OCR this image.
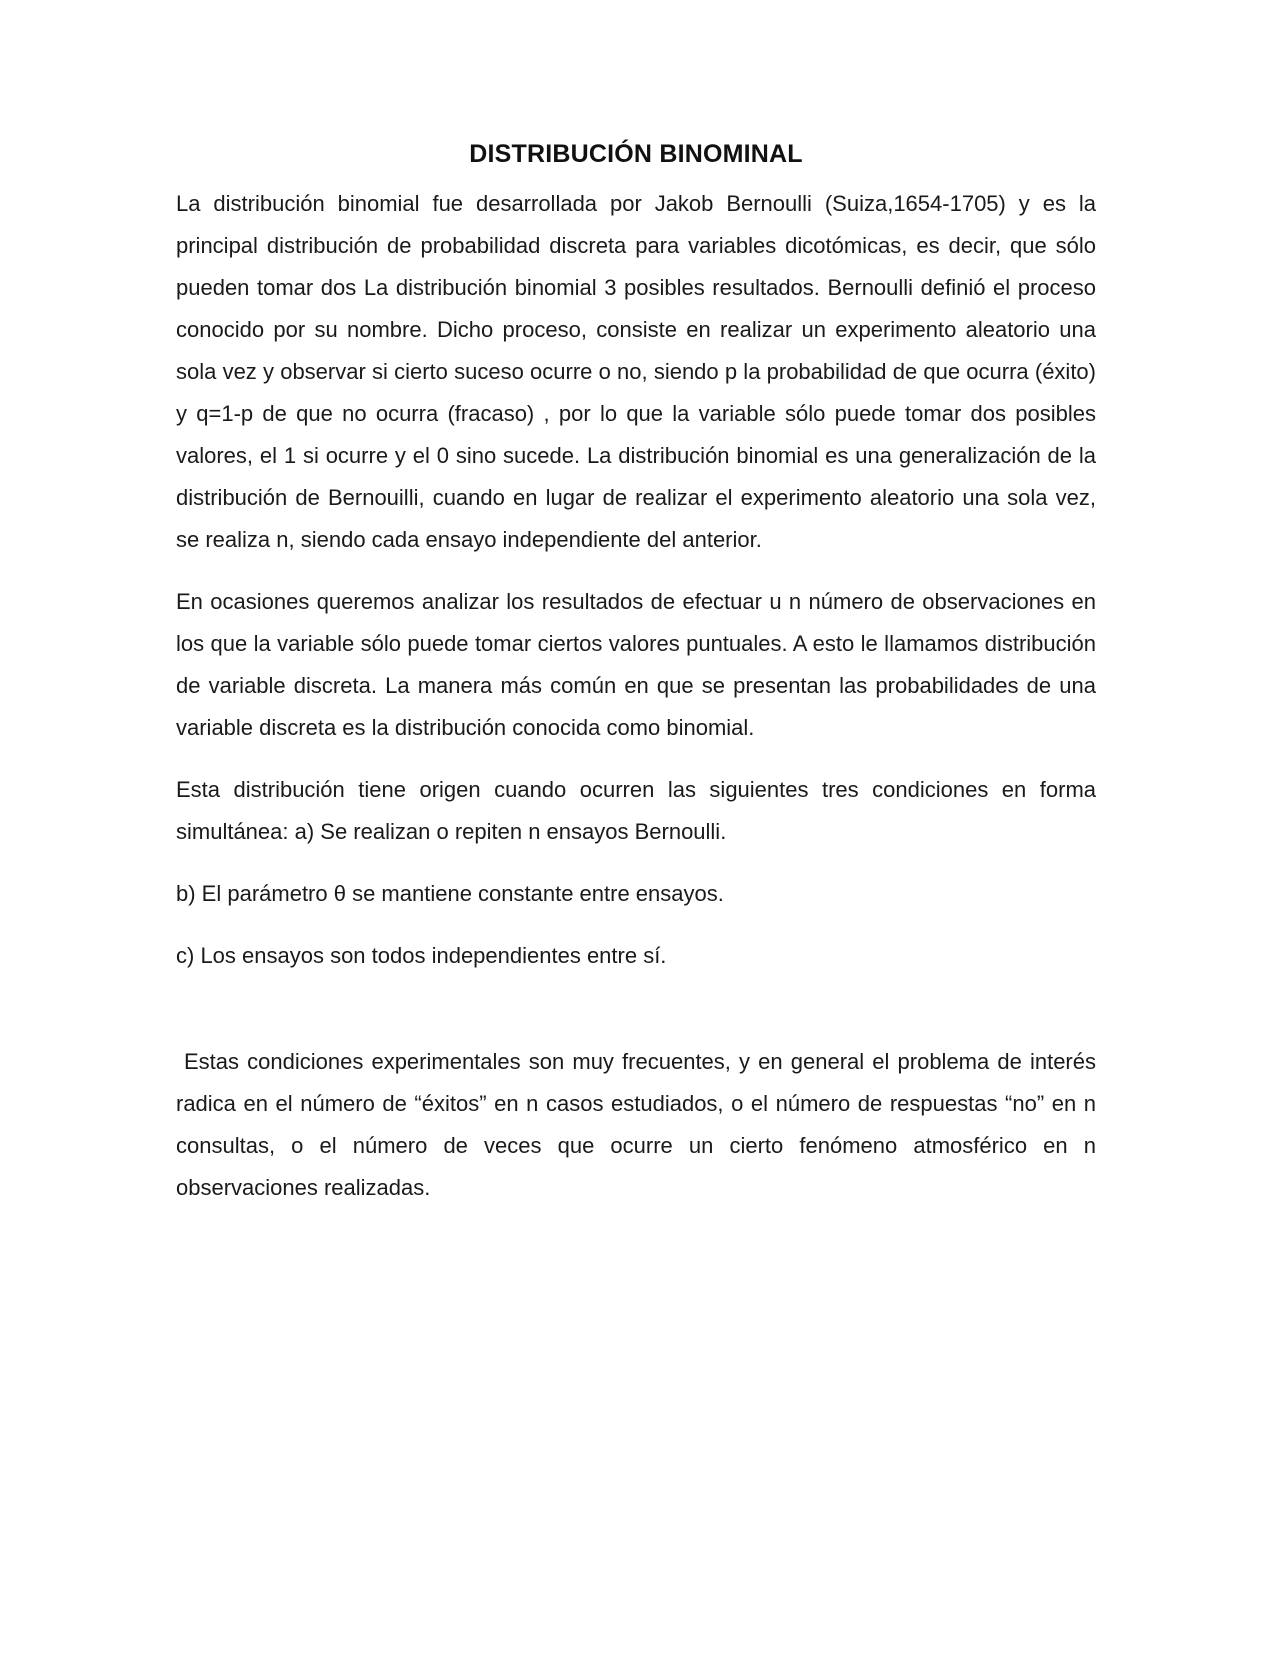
DISTRIBUCIÓN BINOMINAL

La distribución binomial fue desarrollada por Jakob Bernoulli (Suiza,1654-1705) y es la principal distribución de probabilidad discreta para variables dicotómicas, es decir, que sólo pueden tomar dos La distribución binomial 3 posibles resultados. Bernoulli definió el proceso conocido por su nombre. Dicho proceso, consiste en realizar un experimento aleatorio una sola vez y observar si cierto suceso ocurre o no, siendo p la probabilidad de que ocurra (éxito) y q=1-p de que no ocurra (fracaso) , por lo que la variable sólo puede tomar dos posibles valores, el 1 si ocurre y el 0 sino sucede. La distribución binomial es una generalización de la distribución de Bernouilli, cuando en lugar de realizar el experimento aleatorio una sola vez, se realiza n, siendo cada ensayo independiente del anterior.

En ocasiones queremos analizar los resultados de efectuar u n número de observaciones en los que la variable sólo puede tomar ciertos valores puntuales. A esto le llamamos distribución de variable discreta. La manera más común en que se presentan las probabilidades de una variable discreta es la distribución conocida como binomial.

Esta distribución tiene origen cuando ocurren las siguientes tres condiciones en forma simultánea: a) Se realizan o repiten n ensayos Bernoulli.

b) El parámetro θ se mantiene constante entre ensayos.

c) Los ensayos son todos independientes entre sí.

Estas condiciones experimentales son muy frecuentes, y en general el problema de interés radica en el número de “éxitos” en n casos estudiados, o el número de respuestas “no” en n consultas, o el número de veces que ocurre un cierto fenómeno atmosférico en n observaciones realizadas.
